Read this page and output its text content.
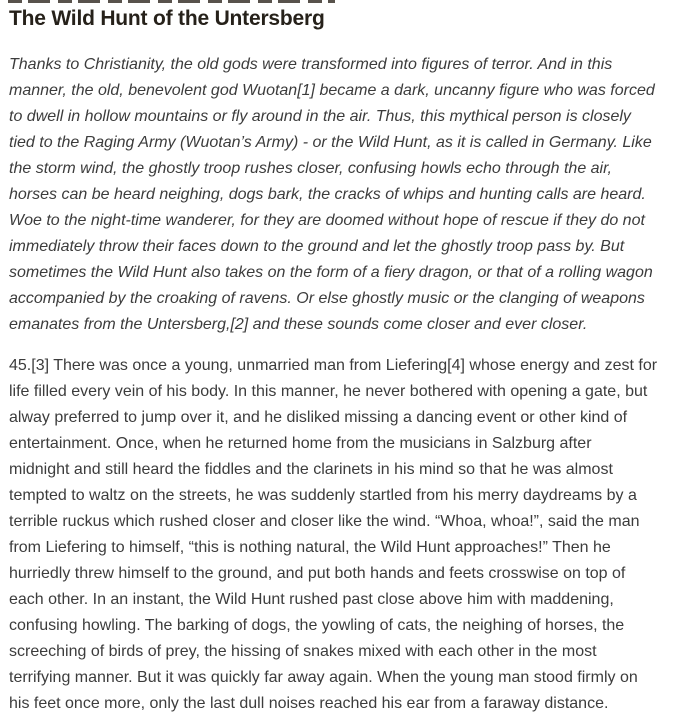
The Wild Hunt of the Untersberg
Thanks to Christianity, the old gods were transformed into figures of terror. And in this
manner, the old, benevolent god Wuotan[1] became a dark, uncanny figure who was forced
to dwell in hollow mountains or fly around in the air. Thus, this mythical person is closely
tied to the Raging Army (Wuotan’s Army) - or the Wild Hunt, as it is called in Germany. Like
the storm wind, the ghostly troop rushes closer, confusing howls echo through the air,
horses can be heard neighing, dogs bark, the cracks of whips and hunting calls are heard.
Woe to the night-time wanderer, for they are doomed without hope of rescue if they do not
immediately throw their faces down to the ground and let the ghostly troop pass by. But
sometimes the Wild Hunt also takes on the form of a fiery dragon, or that of a rolling wagon
accompanied by the croaking of ravens. Or else ghostly music or the clanging of weapons
emanates from the Untersberg,[2] and these sounds come closer and ever closer.
45.[3] There was once a young, unmarried man from Liefering[4] whose energy and zest for
life filled every vein of his body. In this manner, he never bothered with opening a gate, but
alway preferred to jump over it, and he disliked missing a dancing event or other kind of
entertainment. Once, when he returned home from the musicians in Salzburg after
midnight and still heard the fiddles and the clarinets in his mind so that he was almost
tempted to waltz on the streets, he was suddenly startled from his merry daydreams by a
terrible ruckus which rushed closer and closer like the wind. “Whoa, whoa!”, said the man
from Liefering to himself, “this is nothing natural, the Wild Hunt approaches!” Then he
hurriedly threw himself to the ground, and put both hands and feets crosswise on top of
each other. In an instant, the Wild Hunt rushed past close above him with maddening,
confusing howling. The barking of dogs, the yowling of cats, the neighing of horses, the
screeching of birds of prey, the hissing of snakes mixed with each other in the most
terrifying manner. But it was quickly far away again. When the young man stood firmly on
his feet once more, only the last dull noises reached his ear from a faraway distance.
